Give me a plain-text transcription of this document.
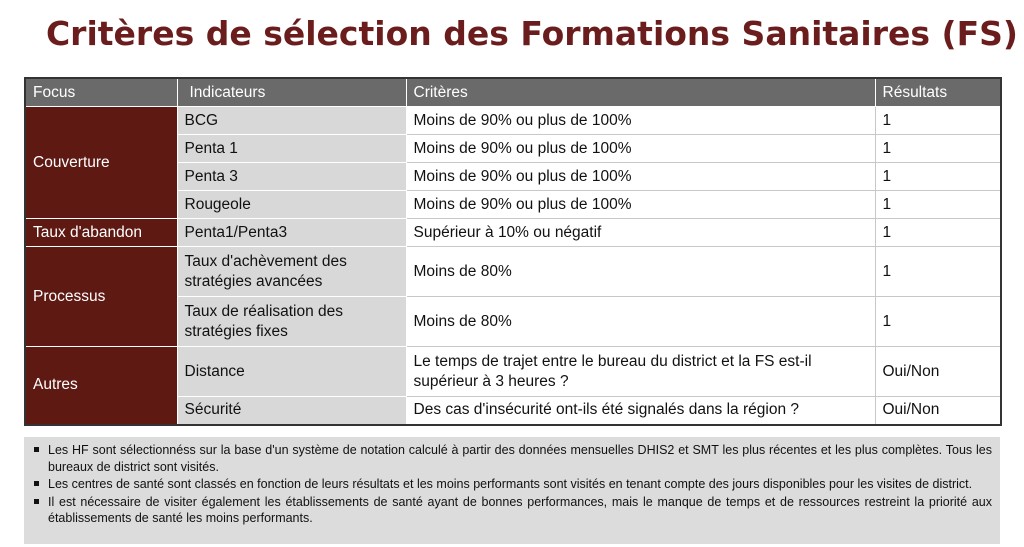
Critères de sélection des Formations Sanitaires (FS)
Focus	Indicateurs	Critères	Résultats
Couverture	BCG	Moins de 90% ou plus de 100%	1
	Penta 1	Moins de 90% ou plus de 100%	1
	Penta 3	Moins de 90% ou plus de 100%	1
	Rougeole	Moins de 90% ou plus de 100%	1
Taux d'abandon	Penta1/Penta3	Supérieur à 10% ou négatif	1
Processus	Taux d'achèvement des stratégies avancées	Moins de 80%	1
	Taux de réalisation des stratégies fixes	Moins de 80%	1
Autres	Distance	Le temps de trajet entre le bureau du district et la FS est-il supérieur à 3 heures ?	Oui/Non
	Sécurité	Des cas d'insécurité ont-ils été signalés dans la région ?	Oui/Non
Les HF sont sélectionnéss sur la base d'un système de notation calculé à partir des données mensuelles DHIS2 et SMT les plus récentes et les plus complètes. Tous les bureaux de district sont visités.
Les centres de santé sont classés en fonction de leurs résultats et les moins performants sont visités en tenant compte des jours disponibles pour les visites de district.
Il est nécessaire de visiter également les établissements de santé ayant de bonnes performances, mais le manque de temps et de ressources restreint la priorité aux établissements de santé les moins performants.
